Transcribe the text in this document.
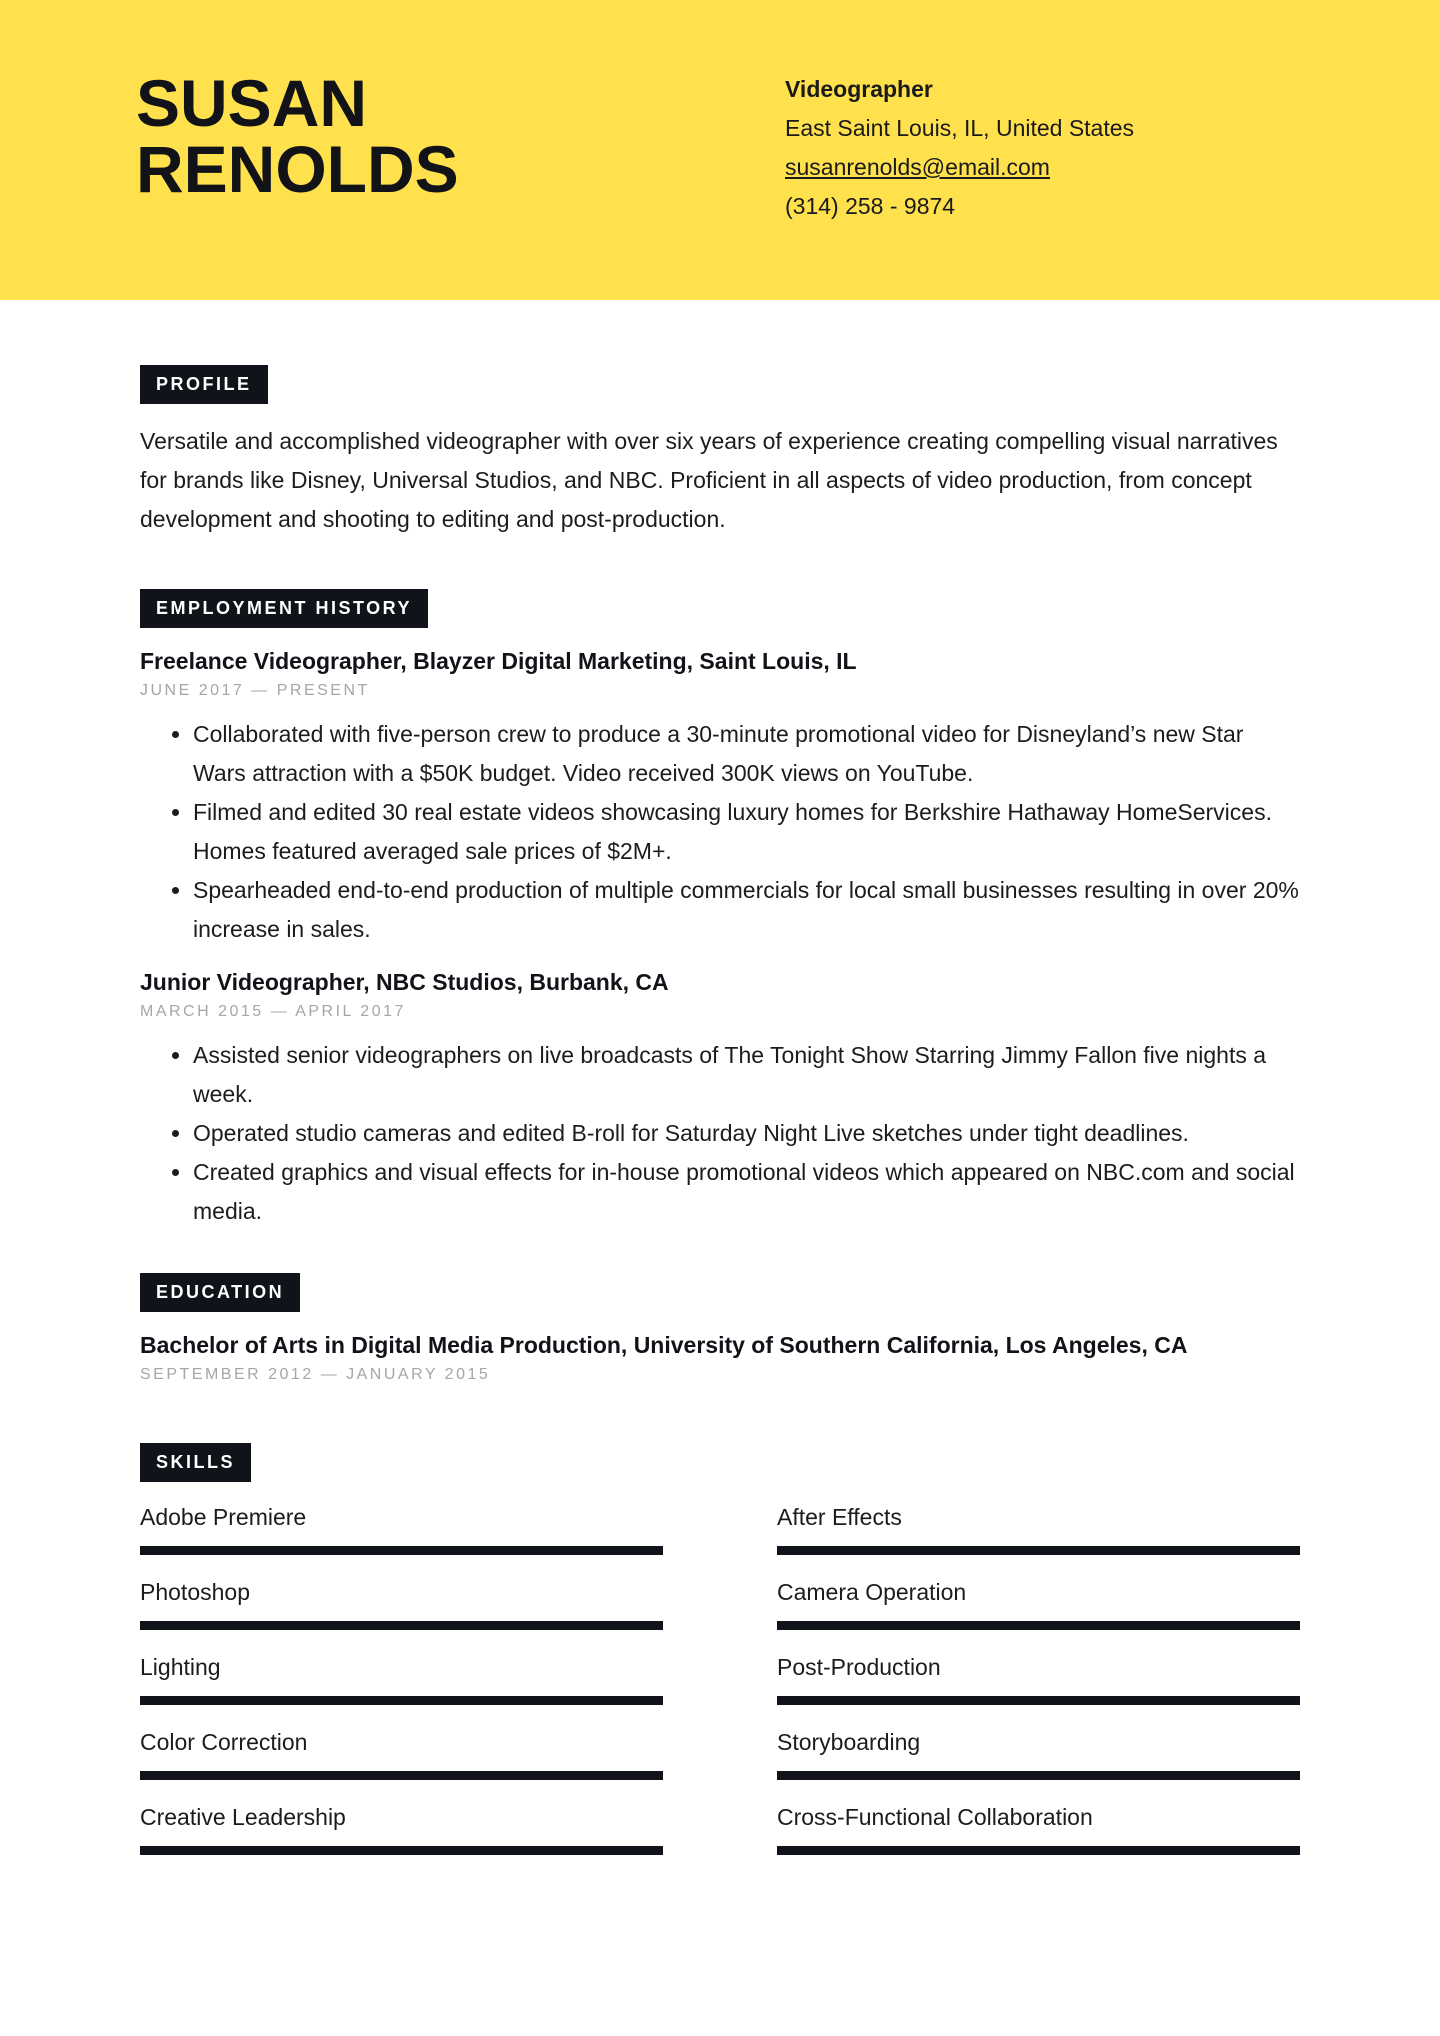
SUSAN
RENOLDS
Videographer
East Saint Louis, IL, United States
susanrenolds@email.com
(314) 258 - 9874
PROFILE

Versatile and accomplished videographer with over six years of experience creating compelling visual narratives for brands like Disney, Universal Studios, and NBC. Proficient in all aspects of video production, from concept development and shooting to editing and post-production.

EMPLOYMENT HISTORY
Freelance Videographer, Blayzer Digital Marketing, Saint Louis, IL
JUNE 2017 — PRESENT
• Collaborated with five-person crew to produce a 30-minute promotional video for Disneyland’s new Star Wars attraction with a $50K budget. Video received 300K views on YouTube.
• Filmed and edited 30 real estate videos showcasing luxury homes for Berkshire Hathaway HomeServices. Homes featured averaged sale prices of $2M+.
• Spearheaded end-to-end production of multiple commercials for local small businesses resulting in over 20% increase in sales.
Junior Videographer, NBC Studios, Burbank, CA
MARCH 2015 — APRIL 2017
• Assisted senior videographers on live broadcasts of The Tonight Show Starring Jimmy Fallon five nights a week.
• Operated studio cameras and edited B-roll for Saturday Night Live sketches under tight deadlines.
• Created graphics and visual effects for in-house promotional videos which appeared on NBC.com and social media.
EDUCATION
Bachelor of Arts in Digital Media Production, University of Southern California, Los Angeles, CA
SEPTEMBER 2012 — JANUARY 2015
SKILLS
Adobe Premiere	After Effects
Photoshop	Camera Operation
Lighting	Post-Production
Color Correction	Storyboarding
Creative Leadership	Cross-Functional Collaboration
